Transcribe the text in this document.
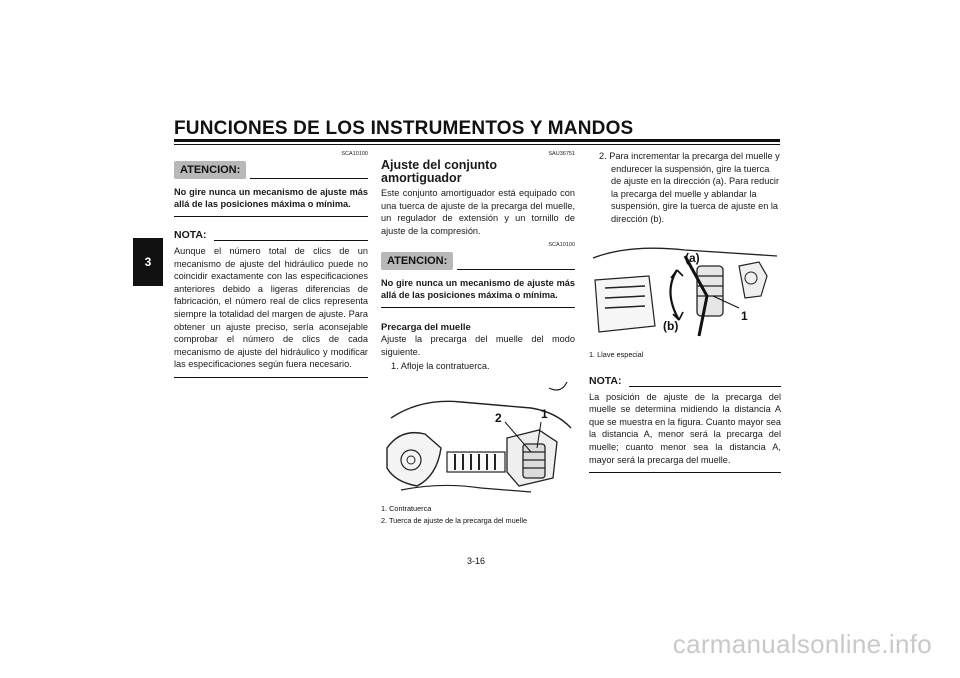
FUNCIONES DE LOS INSTRUMENTOS Y MANDOS
3
SCA10100
ATENCION:
No gire nunca un mecanismo de ajuste más allá de las posiciones máxima o mínima.
NOTA:
Aunque el número total de clics de un mecanismo de ajuste del hidráulico puede no coincidir exactamente con las especificaciones anteriores debido a ligeras diferencias de fabricación, el número real de clics representa siempre la totalidad del margen de ajuste. Para obtener un ajuste preciso, sería aconsejable comprobar el número de clics de cada mecanismo de ajuste del hidráulico y modificar las especificaciones según fuera necesario.
SAU36751
Ajuste del conjunto amortiguador
Este conjunto amortiguador está equipado con una tuerca de ajuste de la precarga del muelle, un regulador de extensión y un tornillo de ajuste de la compresión.
SCA10100
ATENCION:
No gire nunca un mecanismo de ajuste más allá de las posiciones máxima o mínima.
Precarga del muelle
Ajuste la precarga del muelle del modo siguiente.
1. Afloje la contratuerca.
2	1
1. Contratuerca
2. Tuerca de ajuste de la precarga del muelle
2. Para incrementar la precarga del muelle y endurecer la suspensión, gire la tuerca de ajuste en la dirección (a). Para reducir la precarga del muelle y ablandar la suspensión, gire la tuerca de ajuste en la dirección (b).
(a)
(b)
1
1. Llave especial
NOTA:
La posición de ajuste de la precarga del muelle se determina midiendo la distancia A que se muestra en la figura. Cuanto mayor sea la distancia A, menor será la precarga del muelle; cuanto menor sea la distancia A, mayor será la precarga del muelle.
3-16
carmanualsonline.info
